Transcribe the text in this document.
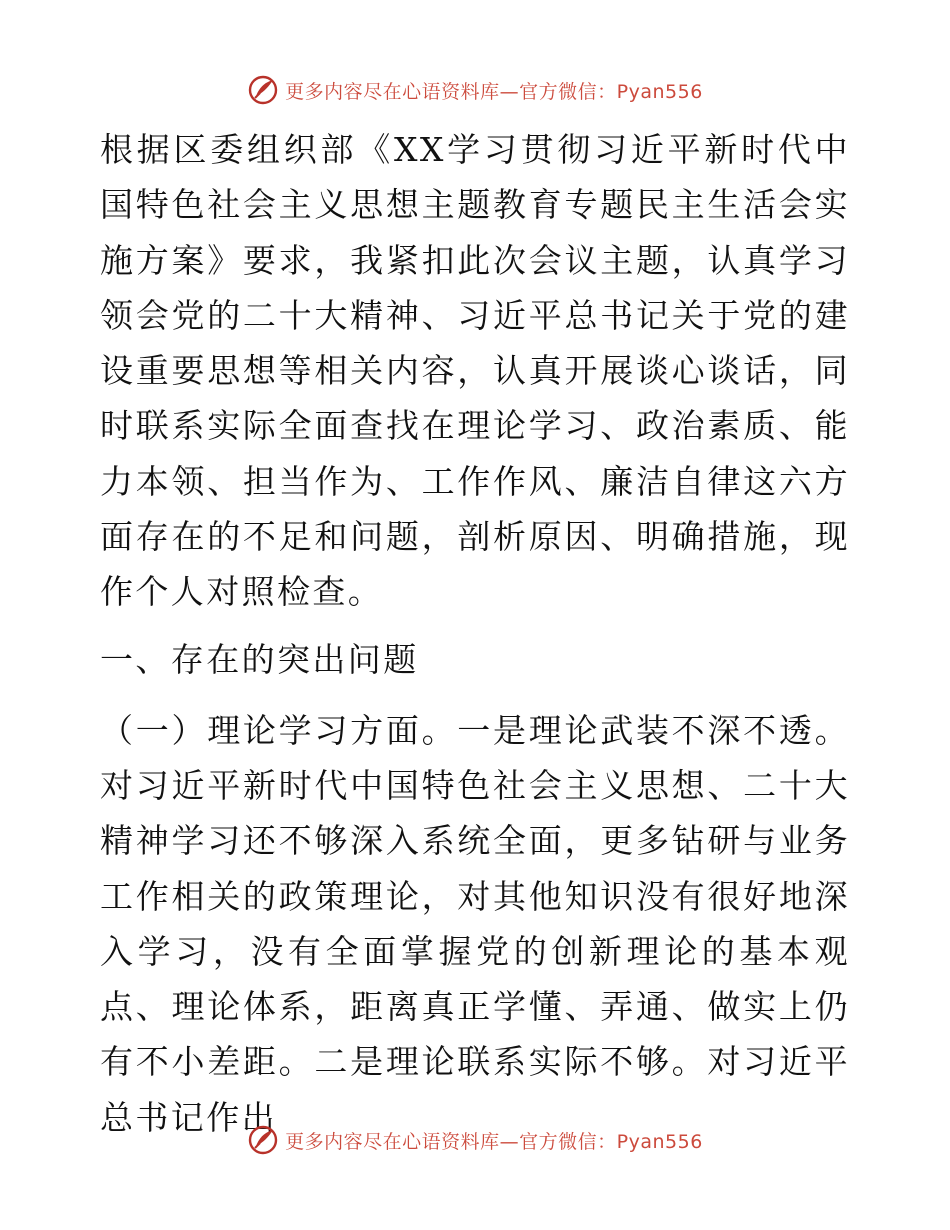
更多内容尽在心语资料库—官方微信：Pyan556

根据区委组织部《XX学习贯彻习近平新时代中国特色社会主义思想主题教育专题民主生活会实施方案》要求，我紧扣此次会议主题，认真学习领会党的二十大精神、习近平总书记关于党的建设重要思想等相关内容，认真开展谈心谈话，同时联系实际全面查找在理论学习、政治素质、能力本领、担当作为、工作作风、廉洁自律这六方面存在的不足和问题，剖析原因、明确措施，现作个人对照检查。

一、存在的突出问题

（一）理论学习方面。一是理论武装不深不透。对习近平新时代中国特色社会主义思想、二十大精神学习还不够深入系统全面，更多钻研与业务工作相关的政策理论，对其他知识没有很好地深入学习，没有全面掌握党的创新理论的基本观点、理论体系，距离真正学懂、弄通、做实上仍有不小差距。二是理论联系实际不够。对习近平总书记作出

更多内容尽在心语资料库—官方微信：Pyan556
